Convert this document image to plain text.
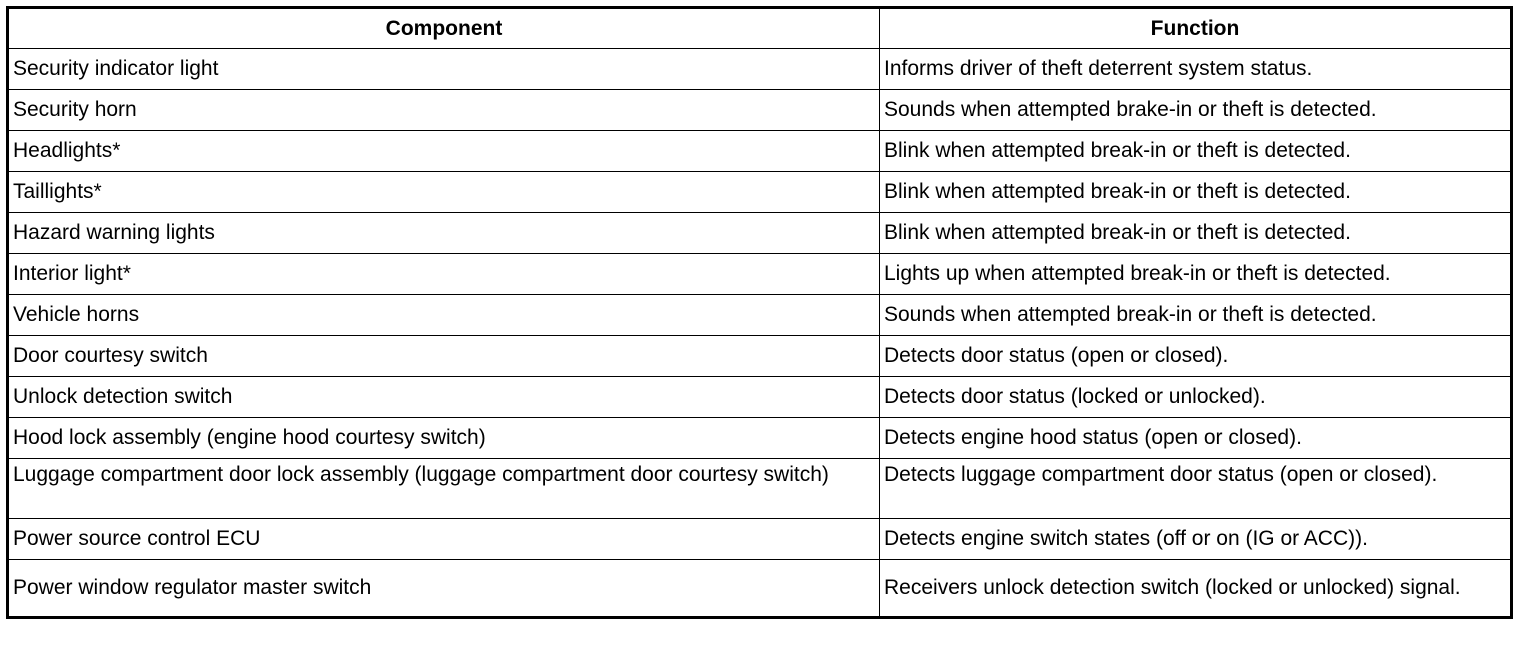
Component	Function
Security indicator light	Informs driver of theft deterrent system status.
Security horn	Sounds when attempted brake-in or theft is detected.
Headlights*	Blink when attempted break-in or theft is detected.
Taillights*	Blink when attempted break-in or theft is detected.
Hazard warning lights	Blink when attempted break-in or theft is detected.
Interior light*	Lights up when attempted break-in or theft is detected.
Vehicle horns	Sounds when attempted break-in or theft is detected.
Door courtesy switch	Detects door status (open or closed).
Unlock detection switch	Detects door status (locked or unlocked).
Hood lock assembly (engine hood courtesy switch)	Detects engine hood status (open or closed).
Luggage compartment door lock assembly (luggage compartment door courtesy switch)	Detects luggage compartment door status (open or closed).
Power source control ECU	Detects engine switch states (off or on (IG or ACC)).
Power window regulator master switch	Receivers unlock detection switch (locked or unlocked) signal.
